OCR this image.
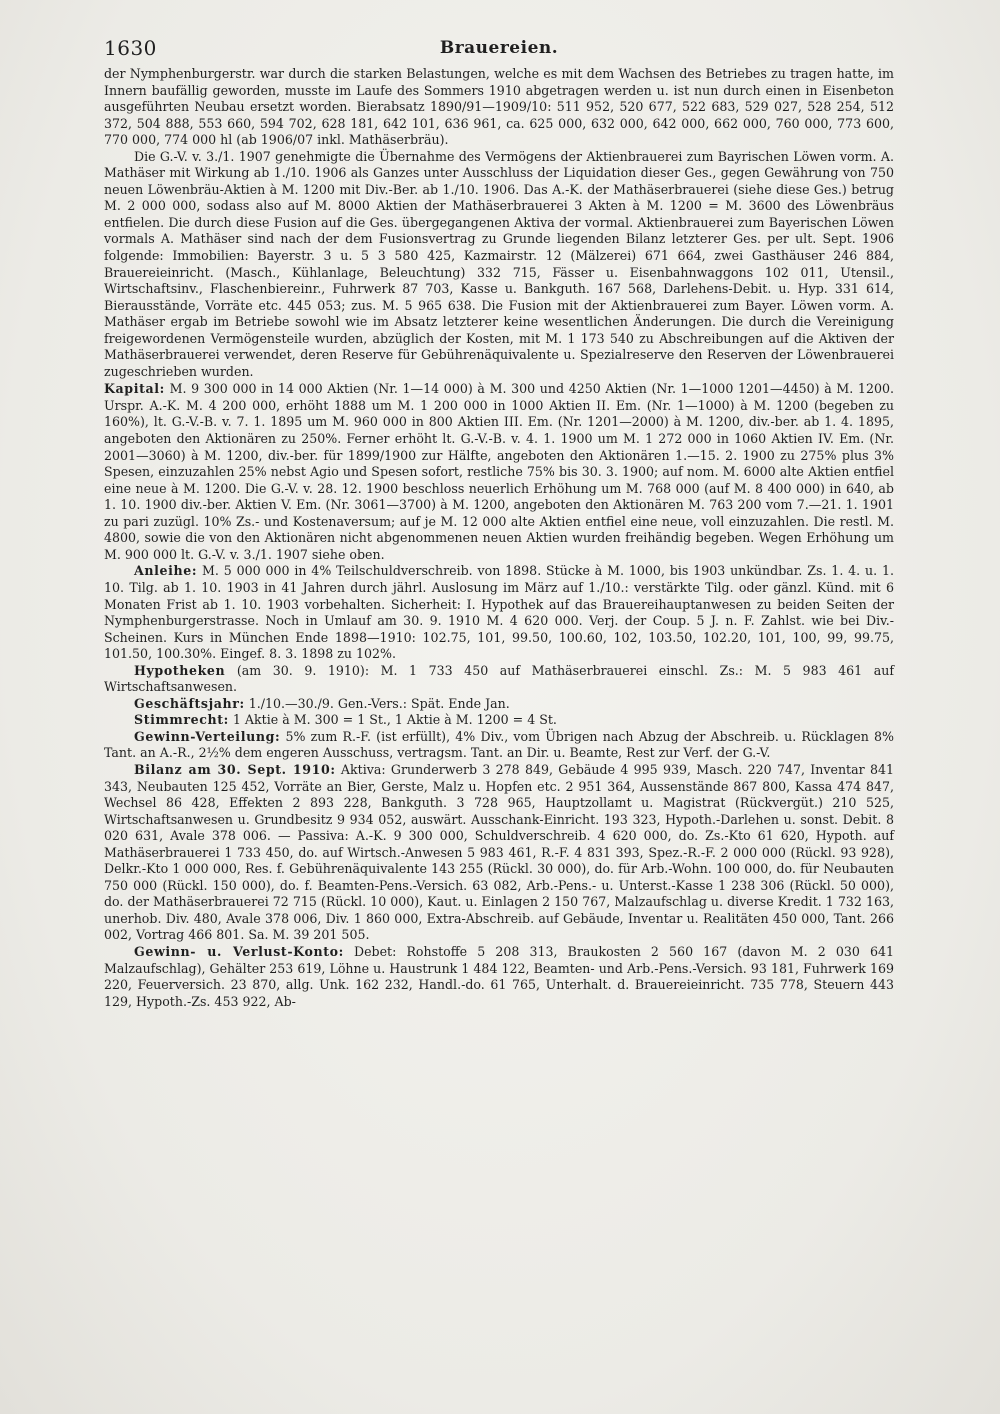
1630	Brauereien.

der Nymphenburgerstr. war durch die starken Belastungen, welche es mit dem Wachsen des Betriebes zu tragen hatte, im Innern baufällig geworden, musste im Laufe des Sommers 1910 abgetragen werden u. ist nun durch einen in Eisenbeton ausgeführten Neubau ersetzt worden. Bierabsatz 1890/91—1909/10: 511 952, 520 677, 522 683, 529 027, 528 254, 512 372, 504 888, 553 660, 594 702, 628 181, 642 101, 636 961, ca. 625 000, 632 000, 642 000, 662 000, 760 000, 773 600, 770 000, 774 000 hl (ab 1906/07 inkl. Mathäserbräu).

Die G.-V. v. 3./1. 1907 genehmigte die Übernahme des Vermögens der Aktienbrauerei zum Bayrischen Löwen vorm. A. Mathäser mit Wirkung ab 1./10. 1906 als Ganzes unter Ausschluss der Liquidation dieser Ges., gegen Gewährung von 750 neuen Löwenbräu-Aktien à M. 1200 mit Div.-Ber. ab 1./10. 1906. Das A.-K. der Mathäserbrauerei (siehe diese Ges.) betrug M. 2 000 000, sodass also auf M. 8000 Aktien der Mathäserbrauerei 3 Akten à M. 1200 = M. 3600 des Löwenbräus entfielen. Die durch diese Fusion auf die Ges. übergegangenen Aktiva der vormal. Aktienbrauerei zum Bayerischen Löwen vormals A. Mathäser sind nach der dem Fusionsvertrag zu Grunde liegenden Bilanz letzterer Ges. per ult. Sept. 1906 folgende: Immobilien: Bayerstr. 3 u. 5 3 580 425, Kazmairstr. 12 (Mälzerei) 671 664, zwei Gasthäuser 246 884, Brauereieinricht. (Masch., Kühlanlage, Beleuchtung) 332 715, Fässer u. Eisenbahnwaggons 102 011, Utensil., Wirtschaftsinv., Flaschenbiereinr., Fuhrwerk 87 703, Kasse u. Bankguth. 167 568, Darlehens-Debit. u. Hyp. 331 614, Bierausstände, Vorräte etc. 445 053; zus. M. 5 965 638. Die Fusion mit der Aktienbrauerei zum Bayer. Löwen vorm. A. Mathäser ergab im Betriebe sowohl wie im Absatz letzterer keine wesentlichen Änderungen. Die durch die Vereinigung freigewordenen Vermögensteile wurden, abzüglich der Kosten, mit M. 1 173 540 zu Abschreibungen auf die Aktiven der Mathäserbrauerei verwendet, deren Reserve für Gebührenäquivalente u. Spezialreserve den Reserven der Löwenbrauerei zugeschrieben wurden.

Kapital: M. 9 300 000 in 14 000 Aktien (Nr. 1—14 000) à M. 300 und 4250 Aktien (Nr. 1—1000 1201—4450) à M. 1200. Urspr. A.-K. M. 4 200 000, erhöht 1888 um M. 1 200 000 in 1000 Aktien II. Em. (Nr. 1—1000) à M. 1200 (begeben zu 160%), lt. G.-V.-B. v. 7. 1. 1895 um M. 960 000 in 800 Aktien III. Em. (Nr. 1201—2000) à M. 1200, div.-ber. ab 1. 4. 1895, angeboten den Aktionären zu 250%. Ferner erhöht lt. G.-V.-B. v. 4. 1. 1900 um M. 1 272 000 in 1060 Aktien IV. Em. (Nr. 2001—3060) à M. 1200, div.-ber. für 1899/1900 zur Hälfte, angeboten den Aktionären 1.—15. 2. 1900 zu 275% plus 3% Spesen, einzuzahlen 25% nebst Agio und Spesen sofort, restliche 75% bis 30. 3. 1900; auf nom. M. 6000 alte Aktien entfiel eine neue à M. 1200. Die G.-V. v. 28. 12. 1900 beschloss neuerlich Erhöhung um M. 768 000 (auf M. 8 400 000) in 640, ab 1. 10. 1900 div.-ber. Aktien V. Em. (Nr. 3061—3700) à M. 1200, angeboten den Aktionären M. 763 200 vom 7.—21. 1. 1901 zu pari zuzügl. 10% Zs.- und Kostenaversum; auf je M. 12 000 alte Aktien entfiel eine neue, voll einzuzahlen. Die restl. M. 4800, sowie die von den Aktionären nicht abgenommenen neuen Aktien wurden freihändig begeben. Wegen Erhöhung um M. 900 000 lt. G.-V. v. 3./1. 1907 siehe oben.

Anleihe: M. 5 000 000 in 4% Teilschuldverschreib. von 1898. Stücke à M. 1000, bis 1903 unkündbar. Zs. 1. 4. u. 1. 10. Tilg. ab 1. 10. 1903 in 41 Jahren durch jährl. Auslosung im März auf 1./10.: verstärkte Tilg. oder gänzl. Künd. mit 6 Monaten Frist ab 1. 10. 1903 vorbehalten. Sicherheit: I. Hypothek auf das Brauereihauptanwesen zu beiden Seiten der Nymphenburgerstrasse. Noch in Umlauf am 30. 9. 1910 M. 4 620 000. Verj. der Coup. 5 J. n. F. Zahlst. wie bei Div.-Scheinen. Kurs in München Ende 1898—1910: 102.75, 101, 99.50, 100.60, 102, 103.50, 102.20, 101, 100, 99, 99.75, 101.50, 100.30%. Eingef. 8. 3. 1898 zu 102%.

Hypotheken (am 30. 9. 1910): M. 1 733 450 auf Mathäserbrauerei einschl. Zs.: M. 5 983 461 auf Wirtschaftsanwesen.

Geschäftsjahr: 1./10.—30./9. Gen.-Vers.: Spät. Ende Jan.

Stimmrecht: 1 Aktie à M. 300 = 1 St., 1 Aktie à M. 1200 = 4 St.

Gewinn-Verteilung: 5% zum R.-F. (ist erfüllt), 4% Div., vom Übrigen nach Abzug der Abschreib. u. Rücklagen 8% Tant. an A.-R., 2½% dem engeren Ausschuss, vertragsm. Tant. an Dir. u. Beamte, Rest zur Verf. der G.-V.

Bilanz am 30. Sept. 1910: Aktiva: Grunderwerb 3 278 849, Gebäude 4 995 939, Masch. 220 747, Inventar 841 343, Neubauten 125 452, Vorräte an Bier, Gerste, Malz u. Hopfen etc. 2 951 364, Aussenstände 867 800, Kassa 474 847, Wechsel 86 428, Effekten 2 893 228, Bankguth. 3 728 965, Hauptzollamt u. Magistrat (Rückvergüt.) 210 525, Wirtschaftsanwesen u. Grundbesitz 9 934 052, auswärt. Ausschank-Einricht. 193 323, Hypoth.-Darlehen u. sonst. Debit. 8 020 631, Avale 378 006. — Passiva: A.-K. 9 300 000, Schuldverschreib. 4 620 000, do. Zs.-Kto 61 620, Hypoth. auf Mathäserbrauerei 1 733 450, do. auf Wirtsch.-Anwesen 5 983 461, R.-F. 4 831 393, Spez.-R.-F. 2 000 000 (Rückl. 93 928), Delkr.-Kto 1 000 000, Res. f. Gebührenäquivalente 143 255 (Rückl. 30 000), do. für Arb.-Wohn. 100 000, do. für Neubauten 750 000 (Rückl. 150 000), do. f. Beamten-Pens.-Versich. 63 082, Arb.-Pens.- u. Unterst.-Kasse 1 238 306 (Rückl. 50 000), do. der Mathäserbrauerei 72 715 (Rückl. 10 000), Kaut. u. Einlagen 2 150 767, Malzaufschlag u. diverse Kredit. 1 732 163, unerhob. Div. 480, Avale 378 006, Div. 1 860 000, Extra-Abschreib. auf Gebäude, Inventar u. Realitäten 450 000, Tant. 266 002, Vortrag 466 801. Sa. M. 39 201 505.

Gewinn- u. Verlust-Konto: Debet: Rohstoffe 5 208 313, Braukosten 2 560 167 (davon M. 2 030 641 Malzaufschlag), Gehälter 253 619, Löhne u. Haustrunk 1 484 122, Beamten- und Arb.-Pens.-Versich. 93 181, Fuhrwerk 169 220, Feuerversich. 23 870, allg. Unk. 162 232, Handl.-do. 61 765, Unterhalt. d. Brauereieinricht. 735 778, Steuern 443 129, Hypoth.-Zs. 453 922, Ab-
